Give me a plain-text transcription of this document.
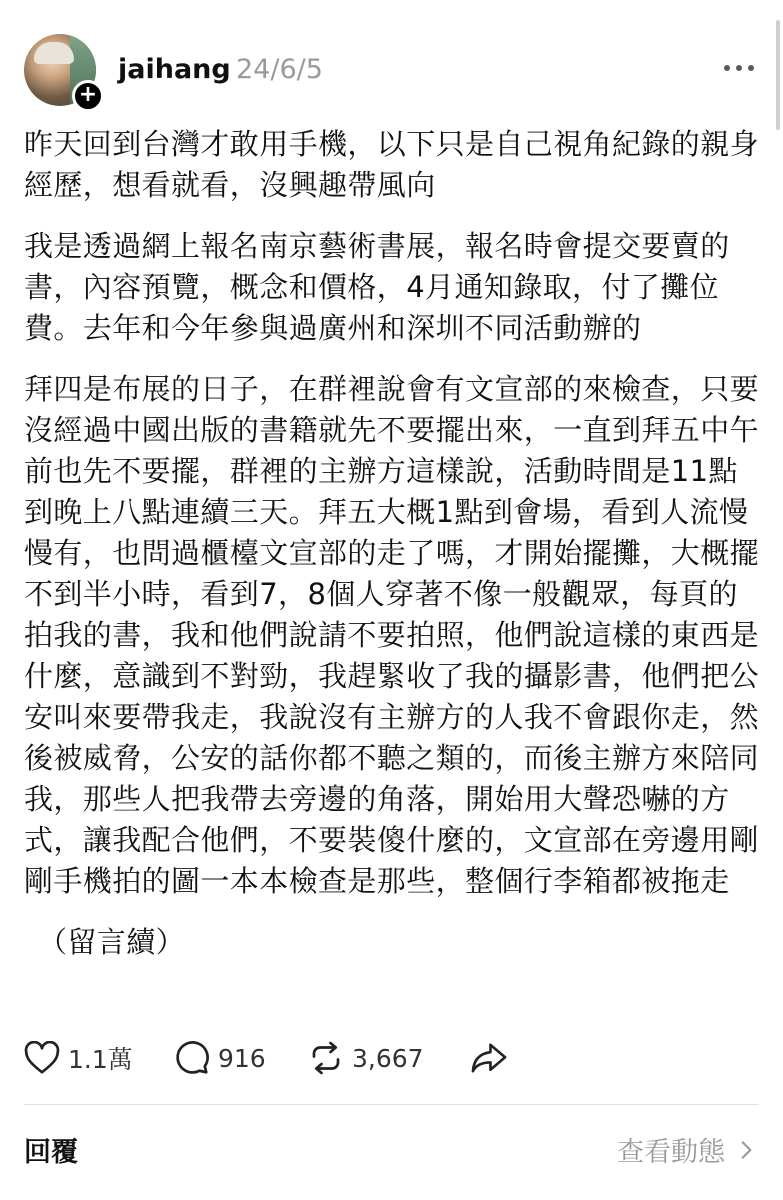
+
jaihang 24/6/5

昨天回到台灣才敢用手機，以下只是自己視角紀錄的親身經歷，想看就看，沒興趣帶風向

我是透過網上報名南京藝術書展，報名時會提交要賣的書，內容預覽，概念和價格，4月通知錄取，付了攤位費。去年和今年參與過廣州和深圳不同活動辦的

拜四是布展的日子，在群裡說會有文宣部的來檢查，只要沒經過中國出版的書籍就先不要擺出來，一直到拜五中午前也先不要擺，群裡的主辦方這樣說，活動時間是11點到晚上八點連續三天。拜五大概1點到會場，看到人流慢慢有，也問過櫃檯文宣部的走了嗎，才開始擺攤，大概擺不到半小時，看到7，8個人穿著不像一般觀眾，每頁的拍我的書，我和他們說請不要拍照，他們說這樣的東西是什麼，意識到不對勁，我趕緊收了我的攝影書，他們把公安叫來要帶我走，我說沒有主辦方的人我不會跟你走，然後被威脅，公安的話你都不聽之類的，而後主辦方來陪同我，那些人把我帶去旁邊的角落，開始用大聲恐嚇的方式，讓我配合他們，不要裝傻什麼的，文宣部在旁邊用剛剛手機拍的圖一本本檢查是那些，整個行李箱都被拖走

（留言續）

1.1萬	916	3,667
回覆	查看動態
